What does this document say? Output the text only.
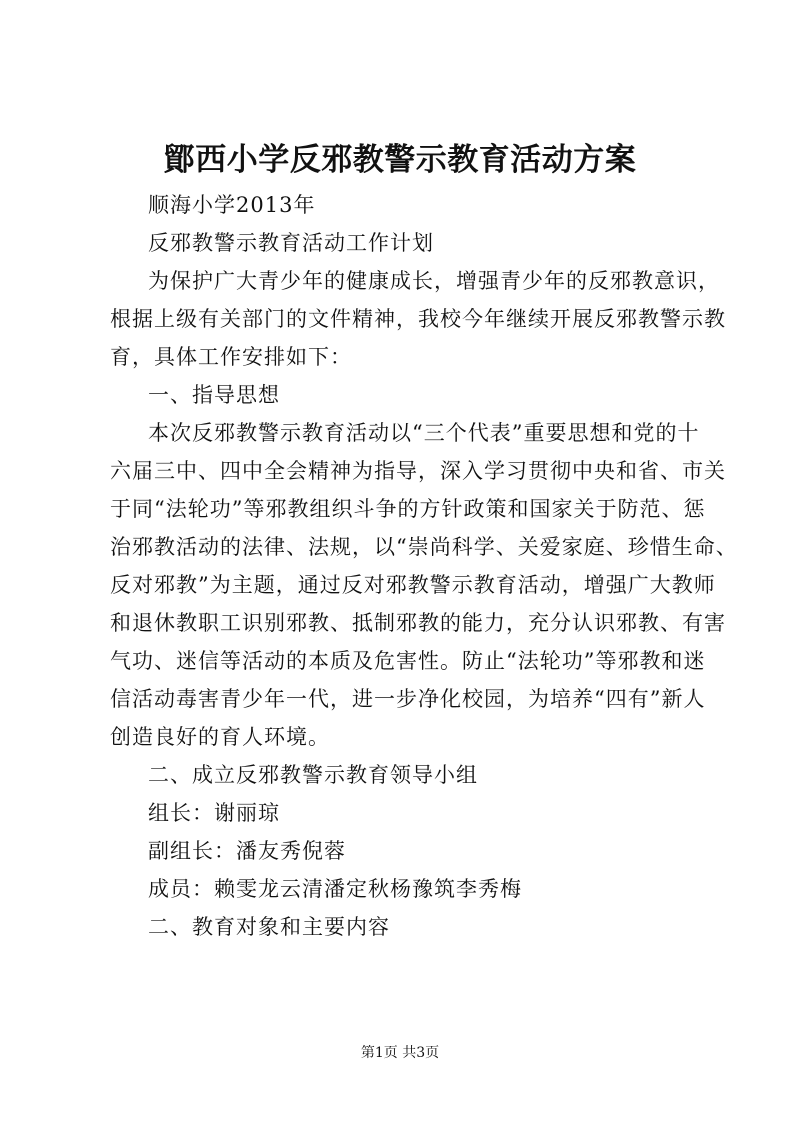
鄮西小学反邪教警示教育活动方案
顺海小学2013年
反邪教警示教育活动工作计划
为保护广大青少年的健康成长，增强青少年的反邪教意识，
根据上级有关部门的文件精神，我校今年继续开展反邪教警示教
育，具体工作安排如下：
一、指导思想
本次反邪教警示教育活动以“三个代表”重要思想和党的十
六届三中、四中全会精神为指导，深入学习贯彻中央和省、市关
于同“法轮功”等邪教组织斗争的方针政策和国家关于防范、惩
治邪教活动的法律、法规，以“崇尚科学、关爱家庭、珍惜生命、
反对邪教”为主题，通过反对邪教警示教育活动，增强广大教师
和退休教职工识别邪教、抵制邪教的能力，充分认识邪教、有害
气功、迷信等活动的本质及危害性。防止“法轮功”等邪教和迷
信活动毒害青少年一代，进一步净化校园，为培养“四有”新人
创造良好的育人环境。
二、成立反邪教警示教育领导小组
组长：谢丽琼
副组长：潘友秀倪蓉
成员：赖雯龙云清潘定秋杨豫筑李秀梅
二、教育对象和主要内容
第1页 共3页
